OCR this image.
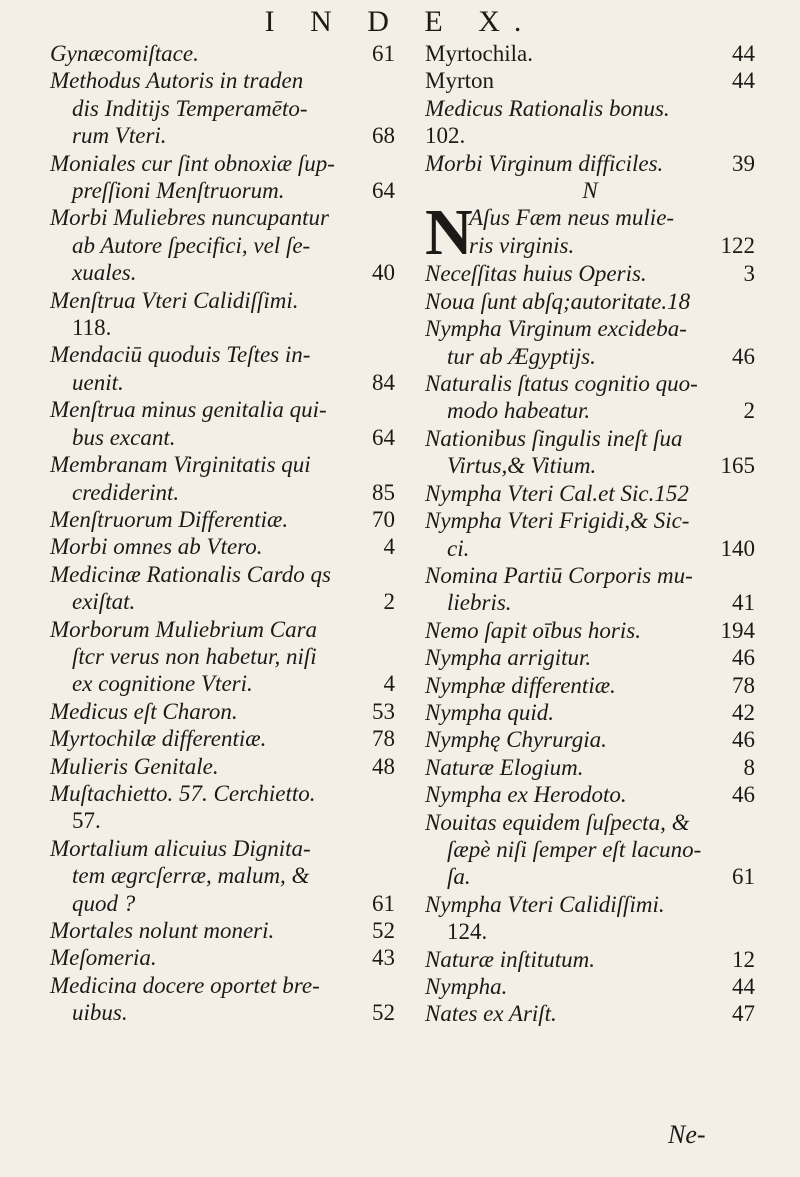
I N D E X.
Gynæcomiſtace.	61
Methodus Autoris in traden
dis Inditijs Temperamēto-
rum Vteri.	68
Moniales cur ſint obnoxiæ ſup-
preſſioni Menſtruorum.	64
Morbi Muliebres nuncupantur
ab Autore ſpecifici, vel ſe-
xuales.	40
Menſtrua Vteri Calidiſſimi.
118.
Mendaciū quoduis Teſtes in-
uenit.	84
Menſtrua minus genitalia qui-
bus excant.	64
Membranam Virginitatis qui
crediderint.	85
Menſtruorum Differentiæ.	70
Morbi omnes ab Vtero.	4
Medicinæ Rationalis Cardo qs
exiſtat.	2
Morborum Muliebrium Cara
ſtcr verus non habetur, niſi
ex cognitione Vteri.	4
Medicus eſt Charon.	53
Myrtochilæ differentiæ.	78
Mulieris Genitale.	48
Muſtachietto. 57. Cerchietto.
57.
Mortalium alicuius Dignita-
tem ægrcſerræ, malum, &
quod ?	61
Mortales nolunt moneri.	52
Meſomeria.	43
Medicina docere oportet bre-
uibus.	52
Myrtochila.	44
Myrton	44
Medicus Rationalis bonus.
102.
Morbi Virginum difficiles.	39
N
N
Aſus Fæm neus mulie-
ris virginis.	122
Neceſſitas huius Operis.	3
Noua ſunt abſq;autoritate.18
Nympha Virginum excideba-
tur ab Ægyptijs.	46
Naturalis ſtatus cognitio quo-
modo habeatur.	2
Nationibus ſingulis ineſt ſua
Virtus,& Vitium.	165
Nympha Vteri Cal.et Sic.152
Nympha Vteri Frigidi,& Sic-
ci.	140
Nomina Partiū Corporis mu-
liebris.	41
Nemo ſapit oībus horis.	194
Nympha arrigitur.	46
Nymphæ differentiæ.	78
Nympha quid.	42
Nymphę Chyrurgia.	46
Naturæ Elogium.	8
Nympha ex Herodoto.	46
Nouitas equidem ſuſpecta, &
ſæpè niſi ſemper eſt lacuno-
ſa.	61
Nympha Vteri Calidiſſimi.
124.
Naturæ inſtitutum.	12
Nympha.	44
Nates ex Ariſt.	47
Ne-
